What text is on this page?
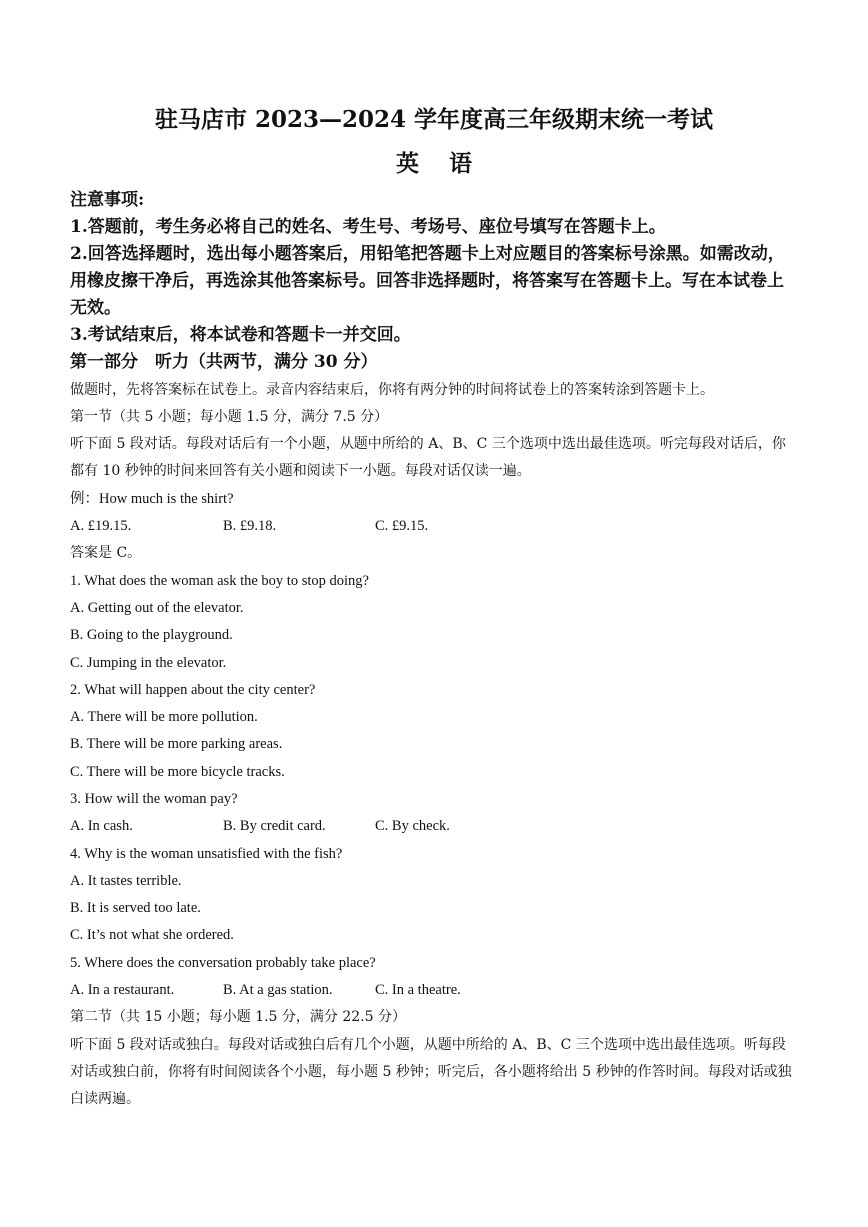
驻马店市 2023—2024 学年度高三年级期末统一考试
英语
注意事项:
1.答题前，考生务必将自己的姓名、考生号、考场号、座位号填写在答题卡上。
2.回答选择题时，选出每小题答案后，用铅笔把答题卡上对应题目的答案标号涂黑。如需改动，用橡皮擦干净后，再选涂其他答案标号。回答非选择题时，将答案写在答题卡上。写在本试卷上无效。
3.考试结束后，将本试卷和答题卡一并交回。
第一部分　听力（共两节，满分 30 分）
做题时，先将答案标在试卷上。录音内容结束后，你将有两分钟的时间将试卷上的答案转涂到答题卡上。
第一节（共 5 小题；每小题 1.5 分，满分 7.5 分）
听下面 5 段对话。每段对话后有一个小题，从题中所给的 A、B、C 三个选项中选出最佳选项。听完每段对话后，你都有 10 秒钟的时间来回答有关小题和阅读下一小题。每段对话仅读一遍。
例：How much is the shirt?
A. £19.15.	B. £9.18.	C. £9.15.
答案是 C。
1. What does the woman ask the boy to stop doing?
A. Getting out of the elevator.
B. Going to the playground.
C. Jumping in the elevator.
2. What will happen about the city center?
A. There will be more pollution.
B. There will be more parking areas.
C. There will be more bicycle tracks.
3. How will the woman pay?
A. In cash.	B. By credit card.	C. By check.
4. Why is the woman unsatisfied with the fish?
A. It tastes terrible.
B. It is served too late.
C. It’s not what she ordered.
5. Where does the conversation probably take place?
A. In a restaurant.	B. At a gas station.	C. In a theatre.
第二节（共 15 小题；每小题 1.5 分，满分 22.5 分）
听下面 5 段对话或独白。每段对话或独白后有几个小题，从题中所给的 A、B、C 三个选项中选出最佳选项。听每段对话或独白前，你将有时间阅读各个小题，每小题 5 秒钟；听完后，各小题将给出 5 秒钟的作答时间。每段对话或独白读两遍。
